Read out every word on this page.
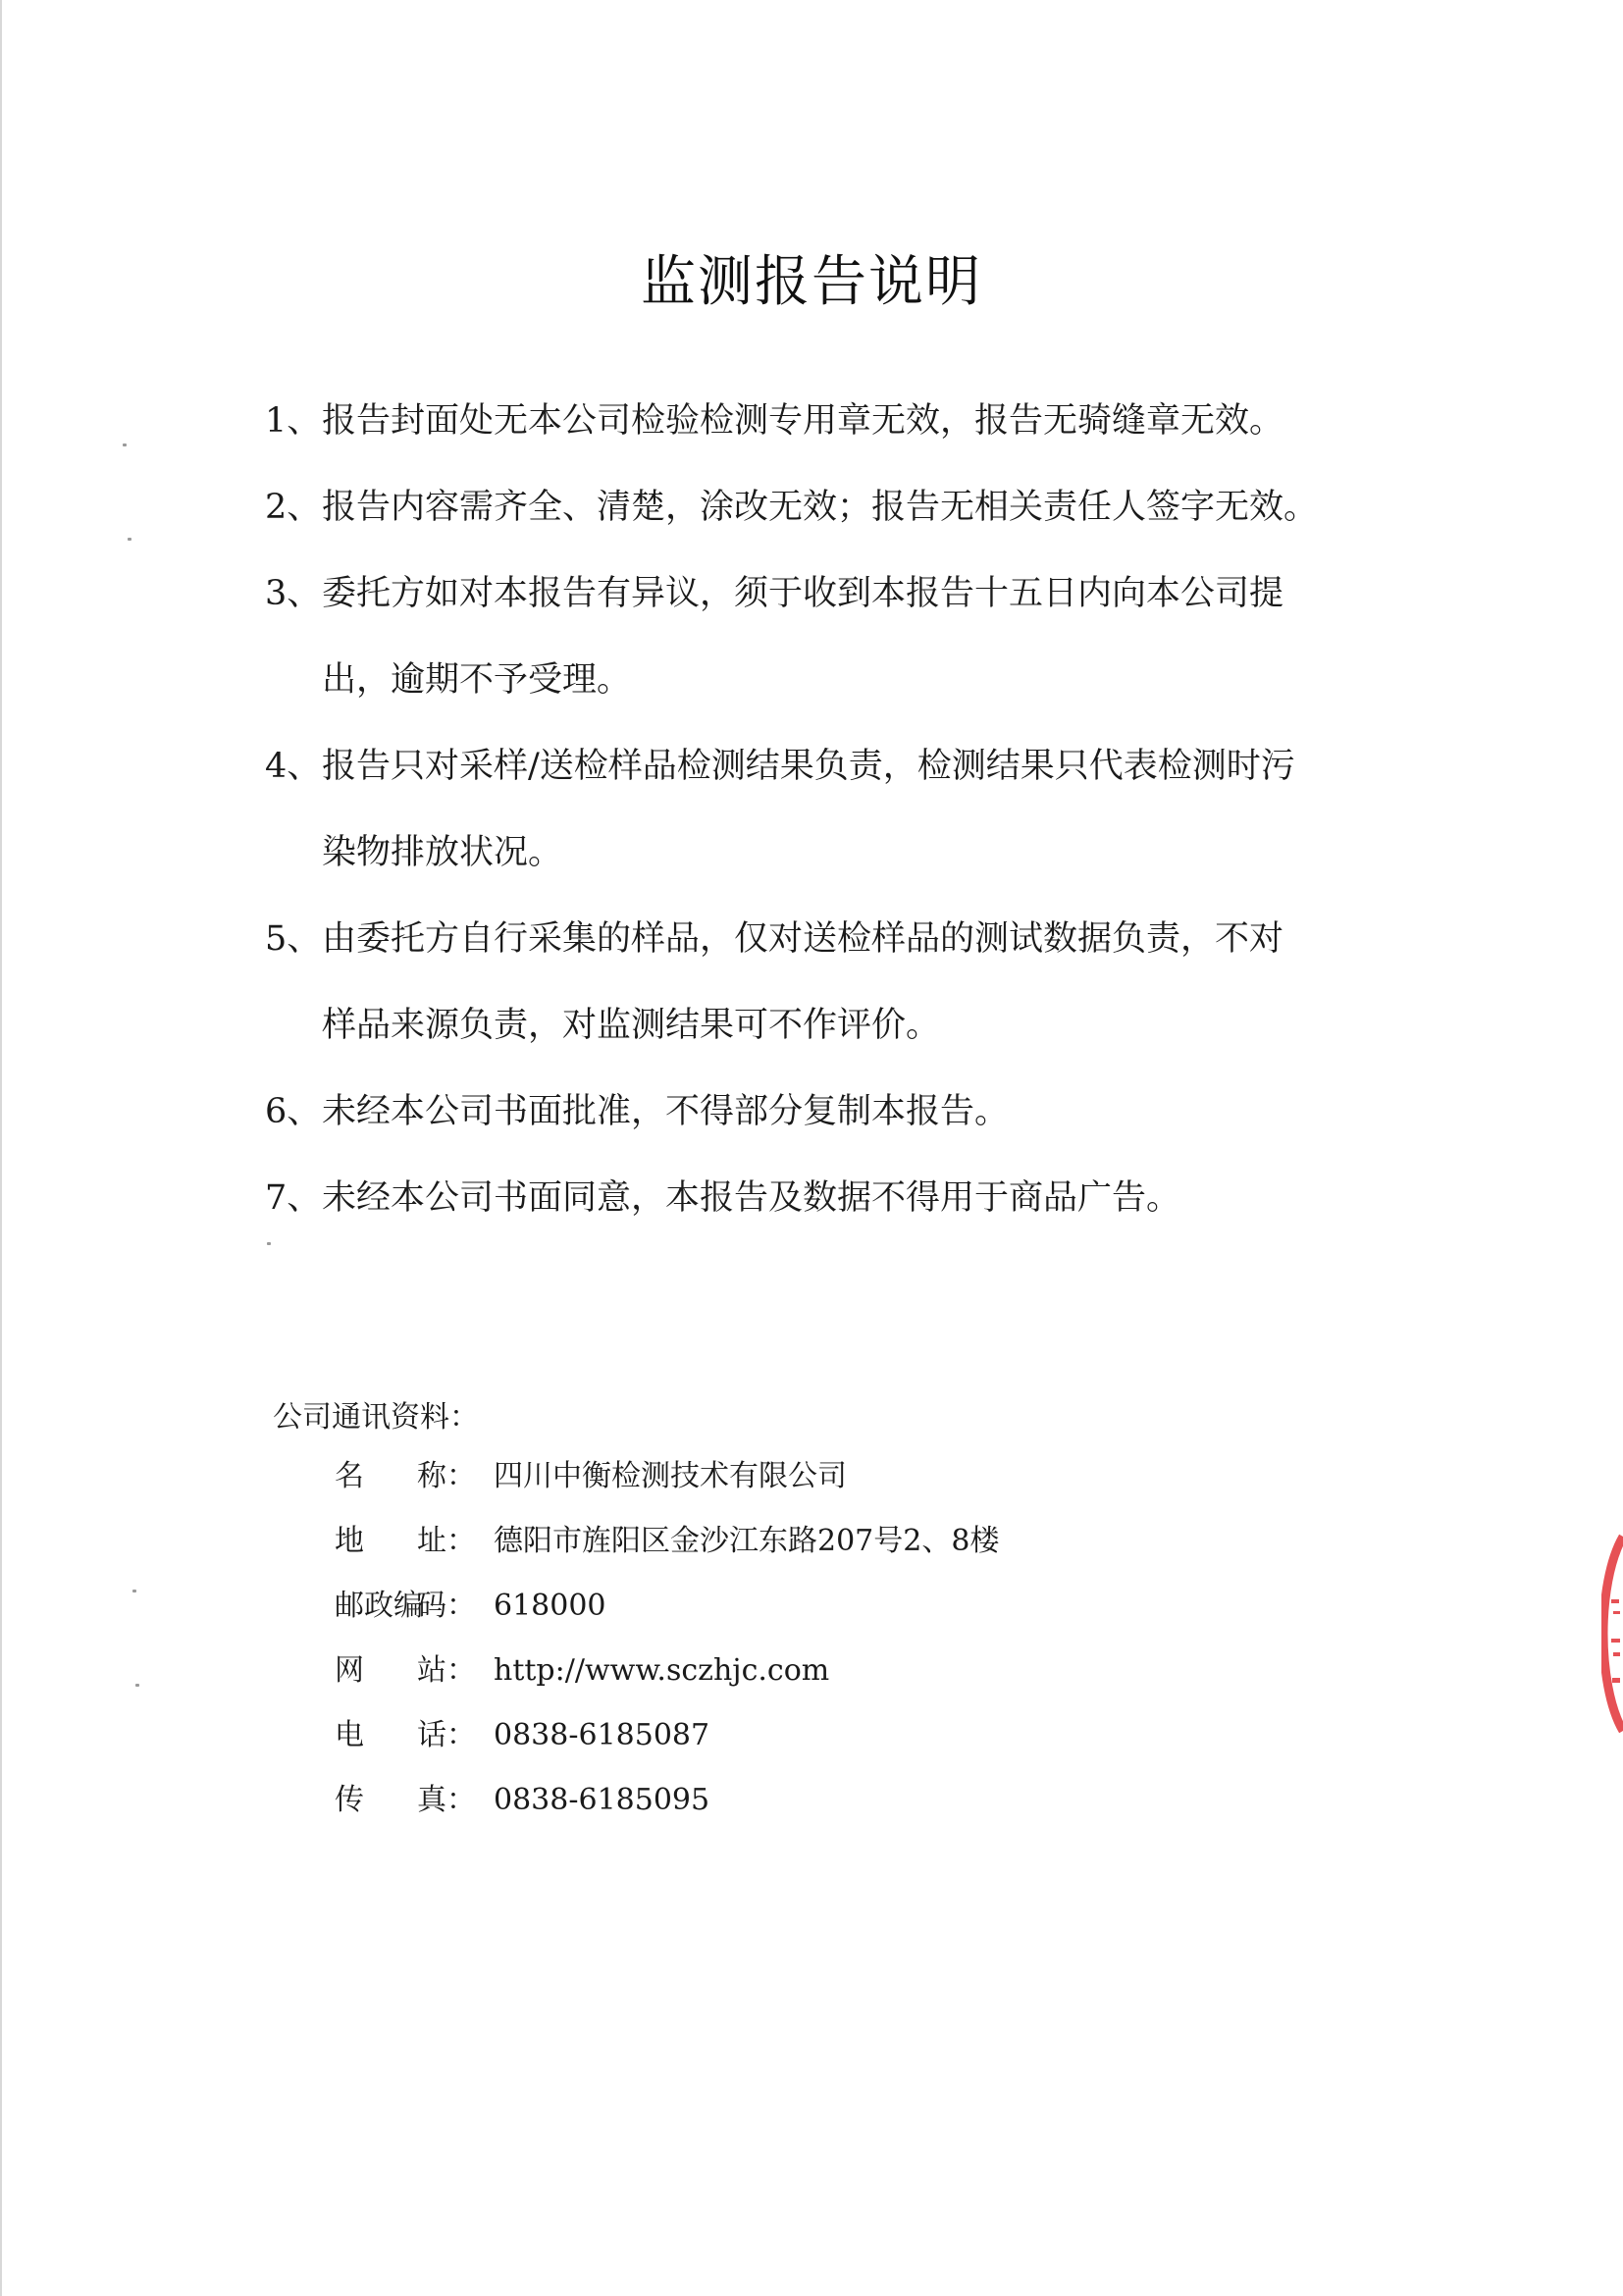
监测报告说明
1、报告封面处无本公司检验检测专用章无效，报告无骑缝章无效。
2、报告内容需齐全、清楚，涂改无效；报告无相关责任人签字无效。
3、委托方如对本报告有异议，须于收到本报告十五日内向本公司提
出，逾期不予受理。
4、报告只对采样/送检样品检测结果负责，检测结果只代表检测时污
染物排放状况。
5、由委托方自行采集的样品，仅对送检样品的测试数据负责，不对
样品来源负责，对监测结果可不作评价。
6、未经本公司书面批准，不得部分复制本报告。
7、未经本公司书面同意，本报告及数据不得用于商品广告。
公司通讯资料：
名 称： 四川中衡检测技术有限公司
地 址： 德阳市旌阳区金沙江东路207号2、8楼
邮政编
码： 618000
网 站： http://www.sczhjc.com
电 话： 0838-6185087
传 真： 0838-6185095
